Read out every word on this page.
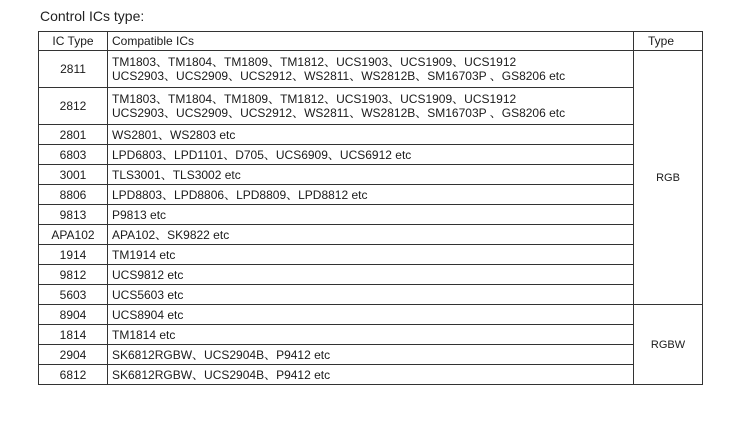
Control ICs type:
IC Type	Compatible ICs	Type
2811	TM1803、TM1804、TM1809、TM1812、UCS1903、UCS1909、UCS1912
UCS2903、UCS2909、UCS2912、WS2811、WS2812B、SM16703P 、GS8206 etc	RGB
2812	TM1803、TM1804、TM1809、TM1812、UCS1903、UCS1909、UCS1912
UCS2903、UCS2909、UCS2912、WS2811、WS2812B、SM16703P 、GS8206 etc	

2801	WS2801、WS2803 etc	

6803	LPD6803、LPD1101、D705、UCS6909、UCS6912 etc	

3001	TLS3001、TLS3002 etc	

8806	LPD8803、LPD8806、LPD8809、LPD8812 etc	

9813	P9813 etc	

APA102	APA102、SK9822 etc	

1914	TM1914 etc	

9812	UCS9812 etc	

5603	UCS5603 etc	

8904	UCS8904 etc	RGBW
1814	TM1814 etc	

2904	SK6812RGBW、UCS2904B、P9412 etc	

6812	SK6812RGBW、UCS2904B、P9412 etc	
